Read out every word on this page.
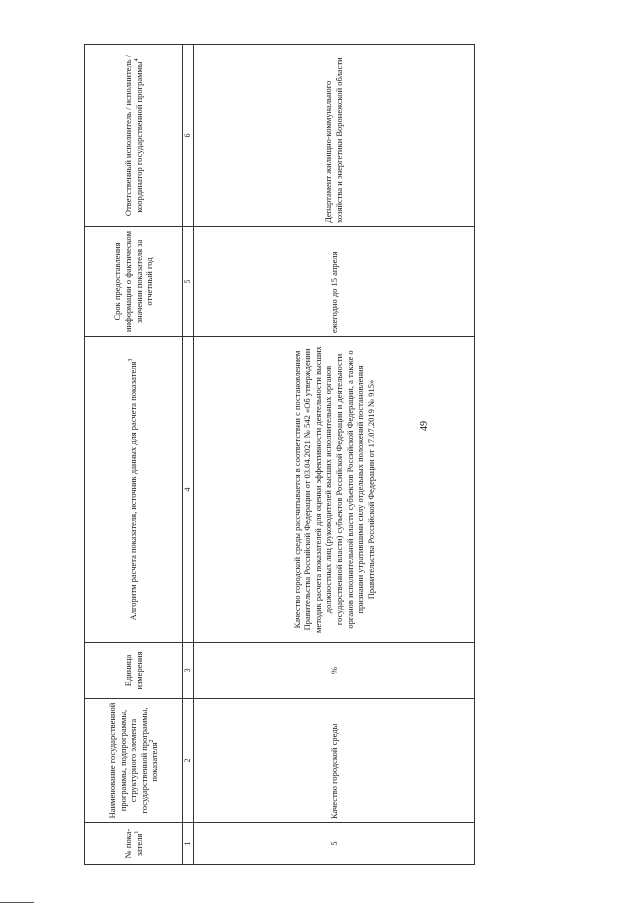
49
№ пока-зателя$^1$	Наименование государственной программы, подпрограммы, структурного элемента государственной программы, показателя$^2$	Единица измерения	Алгоритм расчета показателя, источник данных для расчета показателя$^3$	Срок предоставления информации о фактическом значении показателя за отчетный год	Ответственный исполнитель / исполнитель / координатор государственной программы$^4$
1	2	3	4	5	6
5	Качество городской среды	%	Качество городской среды рассчитывается в соответствии с постановлением Правительства Российской Федерации от 03.04.2021 № 542 «Об утверждении методик расчета показателей для оценки эффективности деятельности высших должностных лиц (руководителей высших исполнительных органов государственной власти) субъектов Российской Федерации и деятельности органов исполнительной власти субъектов Российской Федерации, а также о признании утратившими силу отдельных положений постановления Правительства Российской Федерации от 17.07.2019 № 915»	ежегодно до 15 апреля	Департамент жилищно-коммунального хозяйства и энергетики Воронежской области
